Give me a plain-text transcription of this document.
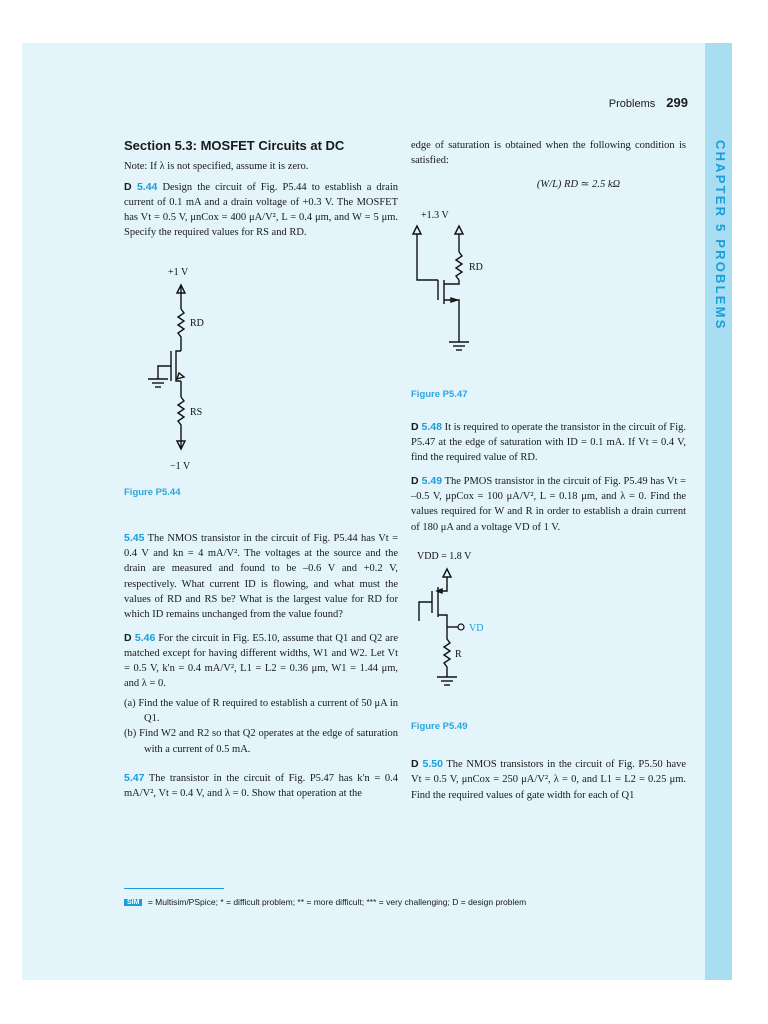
CHAPTER 5 PROBLEMS
Problems 299
Section 5.3: MOSFET Circuits at DC

Note: If λ is not specified, assume it is zero.

D 5.44 Design the circuit of Fig. P5.44 to establish a drain current of 0.1 mA and a drain voltage of +0.3 V. The MOSFET has Vt = 0.5 V, μnCox = 400 μA/V², L = 0.4 μm, and W = 5 μm. Specify the required values for RS and RD.

+1 V
RD
RS
−1 V
Figure P5.44

5.45 The NMOS transistor in the circuit of Fig. P5.44 has Vt = 0.4 V and kn = 4 mA/V². The voltages at the source and the drain are measured and found to be –0.6 V and +0.2 V, respectively. What current ID is flowing, and what must the values of RD and RS be? What is the largest value for RD for which ID remains unchanged from the value found?

D 5.46 For the circuit in Fig. E5.10, assume that Q1 and Q2 are matched except for having different widths, W1 and W2. Let Vt = 0.5 V, k'n = 0.4 mA/V², L1 = L2 = 0.36 μm, W1 = 1.44 μm, and λ = 0.

(a) Find the value of R required to establish a current of 50 μA in Q1.

(b) Find W2 and R2 so that Q2 operates at the edge of saturation with a current of 0.5 mA.

5.47 The transistor in the circuit of Fig. P5.47 has k'n = 0.4 mA/V², Vt = 0.4 V, and λ = 0. Show that operation at the

edge of saturation is obtained when the following condition is satisfied:

(W/L) RD ≃ 2.5 kΩ

+1.3 V
RD
Figure P5.47

D 5.48 It is required to operate the transistor in the circuit of Fig. P5.47 at the edge of saturation with ID = 0.1 mA. If Vt = 0.4 V, find the required value of RD.

D 5.49 The PMOS transistor in the circuit of Fig. P5.49 has Vt = –0.5 V, μpCox = 100 μA/V², L = 0.18 μm, and λ = 0. Find the values required for W and R in order to establish a drain current of 180 μA and a voltage VD of 1 V.

VDD = 1.8 V
VD
R
Figure P5.49

D 5.50 The NMOS transistors in the circuit of Fig. P5.50 have Vt = 0.5 V, μnCox = 250 μA/V², λ = 0, and L1 = L2 = 0.25 μm. Find the required values of gate width for each of Q1

SIM = Multisim/PSpice; * = difficult problem; ** = more difficult; *** = very challenging; D = design problem
